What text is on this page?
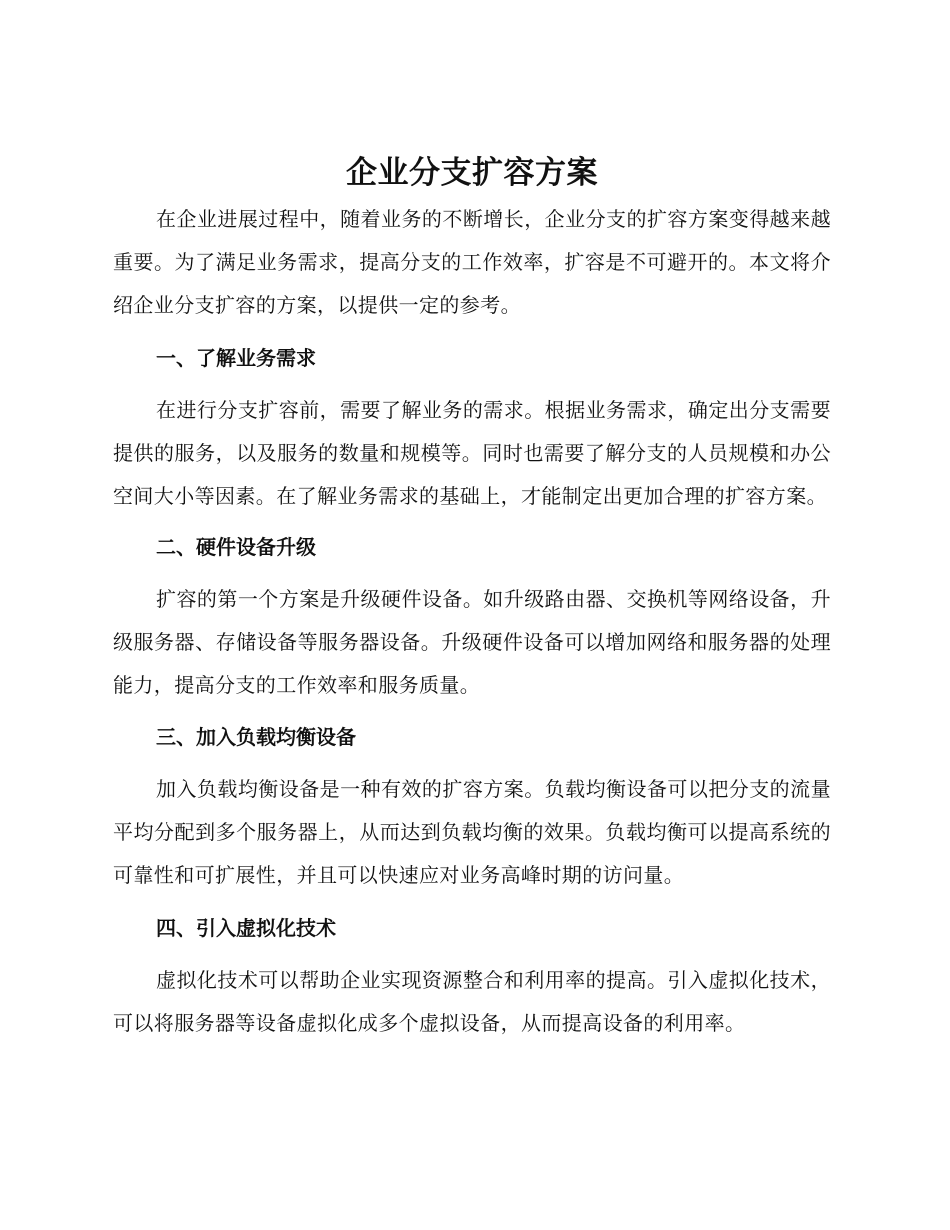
企业分支扩容方案

在企业进展过程中，随着业务的不断增长，企业分支的扩容方案变得越来越重要。为了满足业务需求，提高分支的工作效率，扩容是不可避开的。本文将介绍企业分支扩容的方案，以提供一定的参考。

一、了解业务需求

在进行分支扩容前，需要了解业务的需求。根据业务需求，确定出分支需要提供的服务，以及服务的数量和规模等。同时也需要了解分支的人员规模和办公空间大小等因素。在了解业务需求的基础上，才能制定出更加合理的扩容方案。

二、硬件设备升级

扩容的第一个方案是升级硬件设备。如升级路由器、交换机等网络设备，升级服务器、存储设备等服务器设备。升级硬件设备可以增加网络和服务器的处理能力，提高分支的工作效率和服务质量。

三、加入负载均衡设备

加入负载均衡设备是一种有效的扩容方案。负载均衡设备可以把分支的流量平均分配到多个服务器上，从而达到负载均衡的效果。负载均衡可以提高系统的可靠性和可扩展性，并且可以快速应对业务高峰时期的访问量。

四、引入虚拟化技术

虚拟化技术可以帮助企业实现资源整合和利用率的提高。引入虚拟化技术，可以将服务器等设备虚拟化成多个虚拟设备，从而提高设备的利用率。
